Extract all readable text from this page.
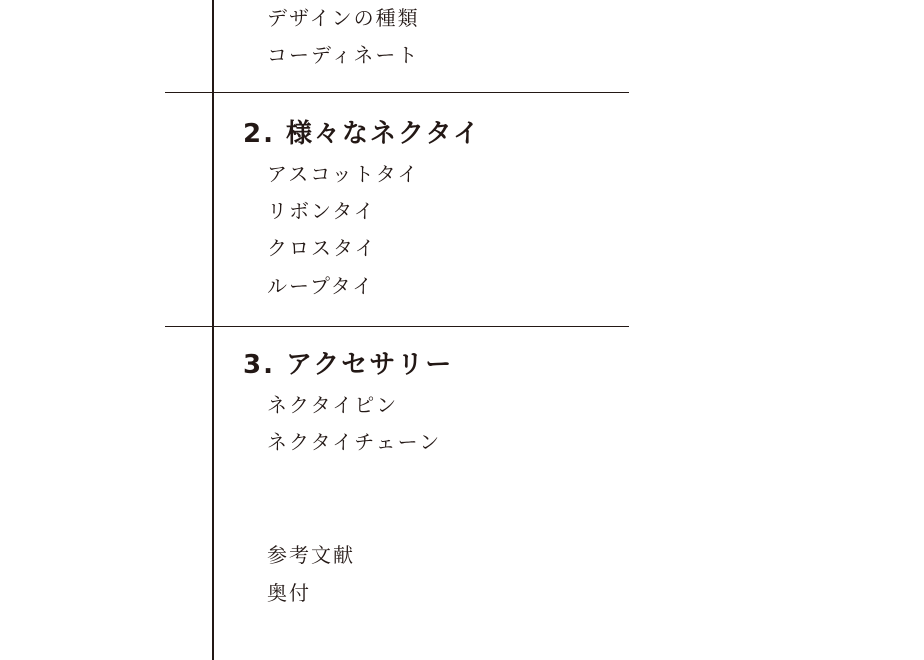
デザインの種類
コーディネート
2. 様々なネクタイ
アスコットタイ
リボンタイ
クロスタイ
ループタイ
3. アクセサリー
ネクタイピン
ネクタイチェーン
参考文献
奥付
